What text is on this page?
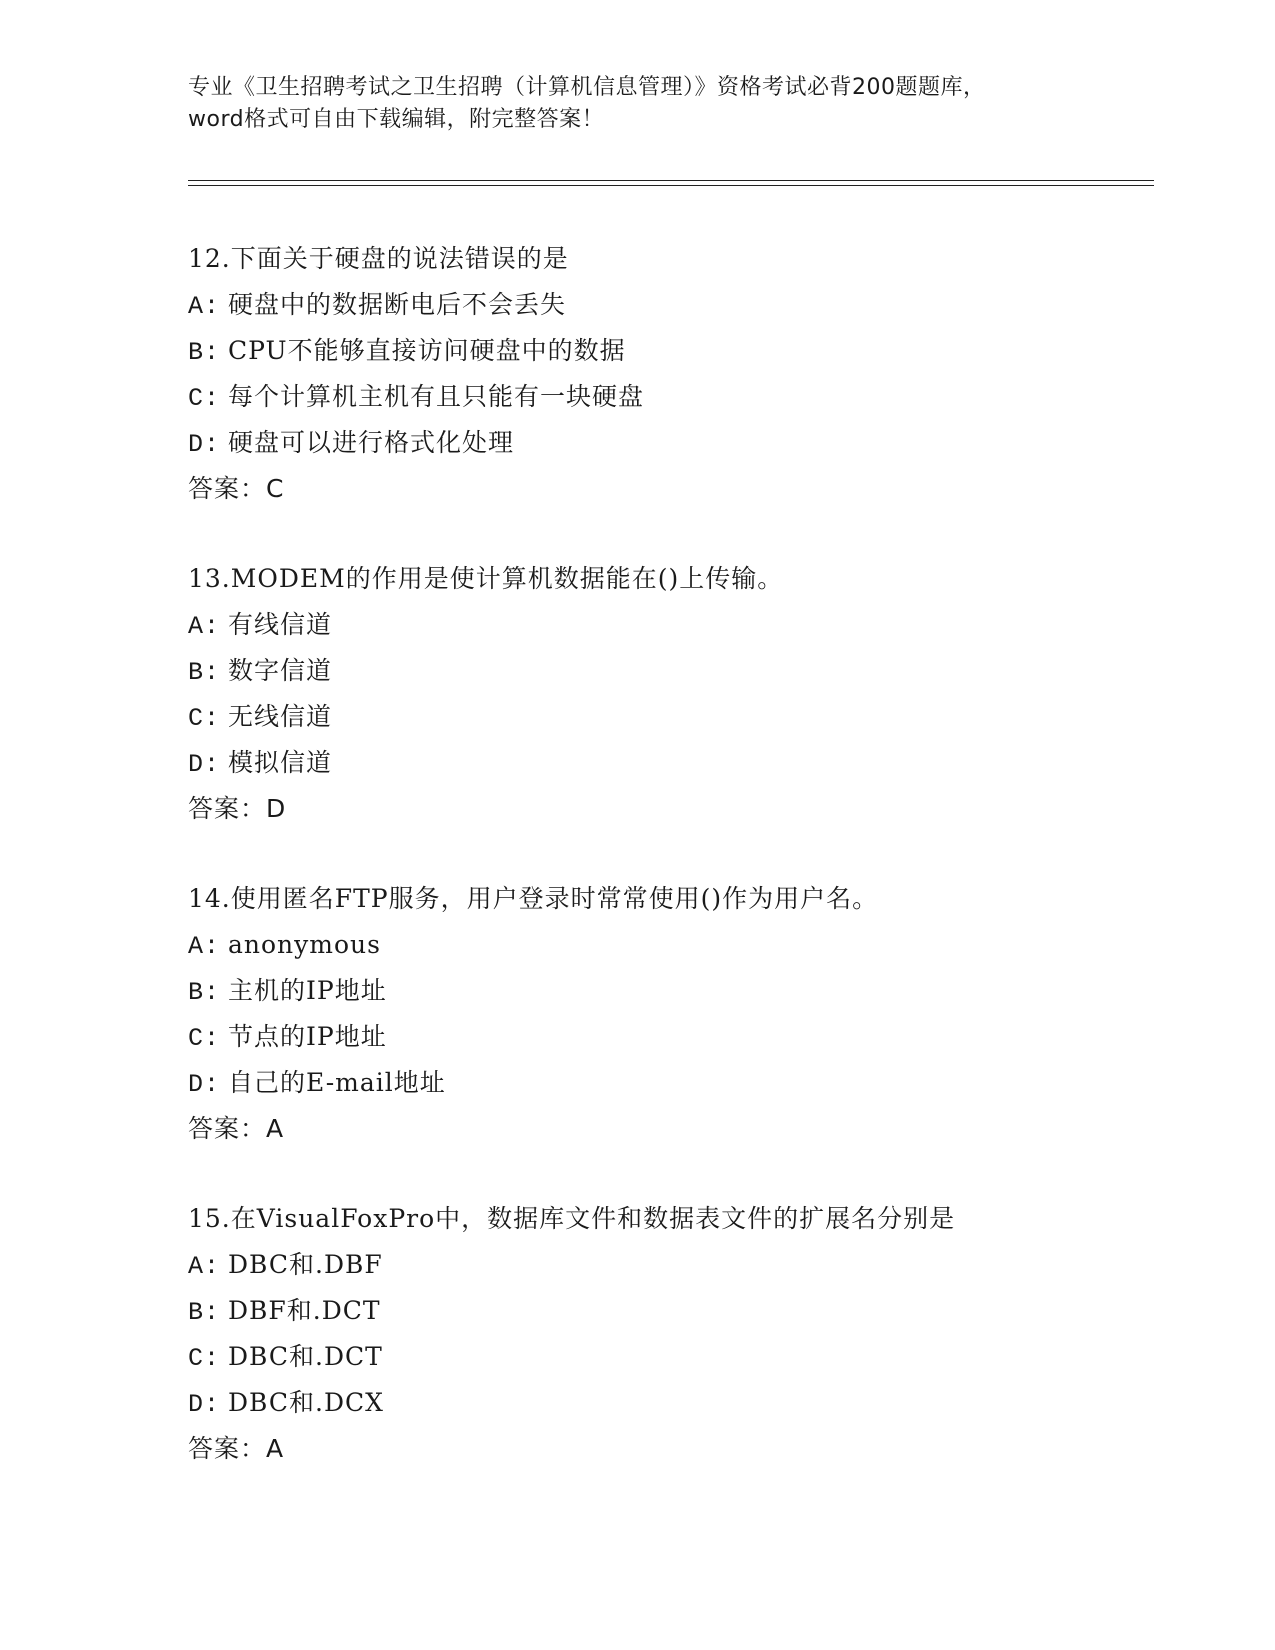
专业《卫生招聘考试之卫生招聘（计算机信息管理）》资格考试必背200题题库，
word格式可自由下载编辑，附完整答案！
12.下面关于硬盘的说法错误的是
A: 硬盘中的数据断电后不会丢失
B: CPU不能够直接访问硬盘中的数据
C: 每个计算机主机有且只能有一块硬盘
D: 硬盘可以进行格式化处理
答案：C
13.MODEM的作用是使计算机数据能在()上传输。
A: 有线信道
B: 数字信道
C: 无线信道
D: 模拟信道
答案：D
14.使用匿名FTP服务，用户登录时常常使用()作为用户名。
A: anonymous
B: 主机的IP地址
C: 节点的IP地址
D: 自己的E-mail地址
答案：A
15.在VisualFoxPro中，数据库文件和数据表文件的扩展名分别是
A: DBC和.DBF
B: DBF和.DCT
C: DBC和.DCT
D: DBC和.DCX
答案：A
